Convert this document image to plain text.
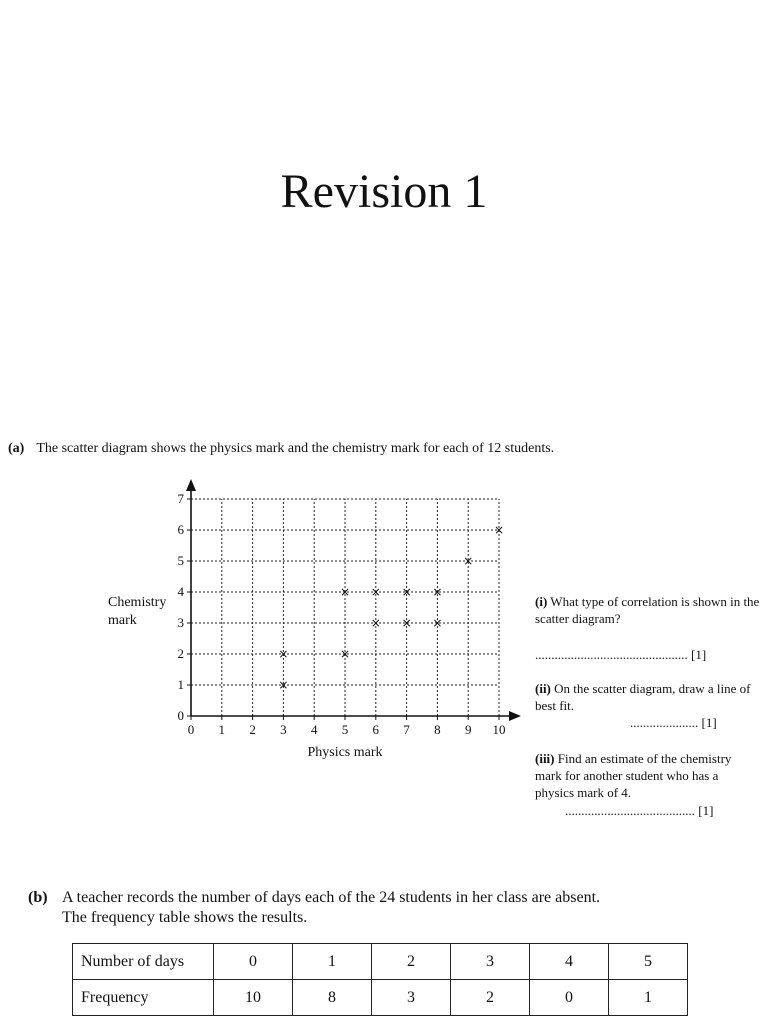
Revision 1
(a) The scatter diagram shows the physics mark and the chemistry mark for each of 12 students.
0 1 2 3 4 5 6 7 8 9 10
0
1
2
3
4
5
6
7
Physics mark
Chemistry
mark
×
×	×
×
×
×
×
×
×
×
×
×
(i) What type of correlation is shown in the scatter diagram?
............................................... [1]
(ii) On the scatter diagram, draw a line of best fit.
..................... [1]
(iii) Find an estimate of the chemistry mark for another student who has a physics mark of 4.
........................................ [1]
(b) A teacher records the number of days each of the 24 students in her class are absent.
The frequency table shows the results.
Number of days	0	1	2	3	4	5
Frequency	10	8	3	2	0	1
